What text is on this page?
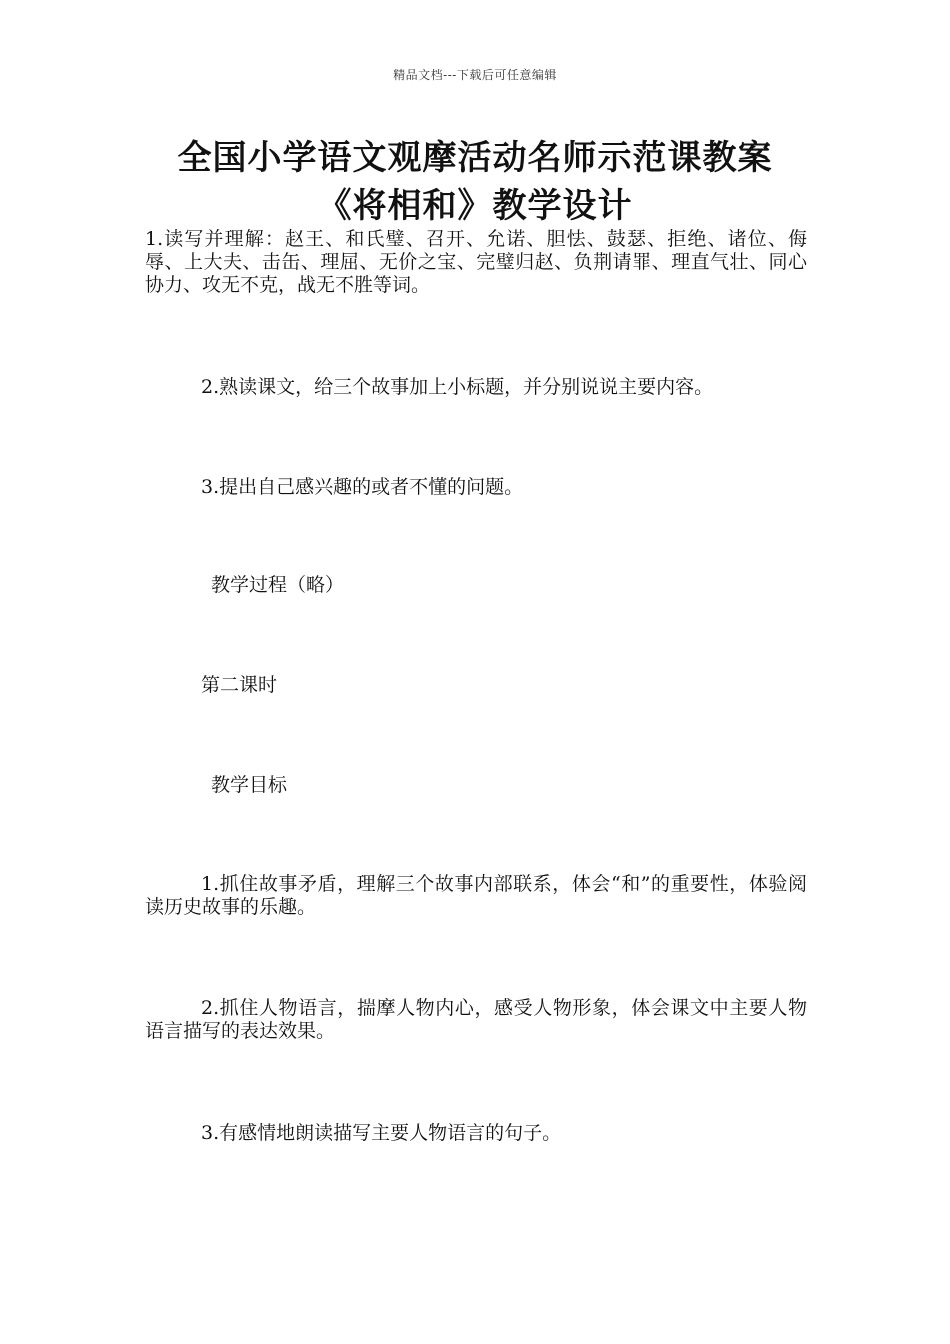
精品文档---下载后可任意编辑
全国小学语文观摩活动名师示范课教案
《将相和》教学设计

1.读写并理解：赵王、和氏璧、召开、允诺、胆怯、鼓瑟、拒绝、诸位、侮辱、上大夫、击缶、理屈、无价之宝、完璧归赵、负荆请罪、理直气壮、同心协力、攻无不克，战无不胜等词。

2.熟读课文，给三个故事加上小标题，并分别说说主要内容。

3.提出自己感兴趣的或者不懂的问题。

教学过程（略）

第二课时

教学目标

1.抓住故事矛盾，理解三个故事内部联系，体会“和”的重要性，体验阅读历史故事的乐趣。

2.抓住人物语言，揣摩人物内心，感受人物形象，体会课文中主要人物语言描写的表达效果。

3.有感情地朗读描写主要人物语言的句子。
